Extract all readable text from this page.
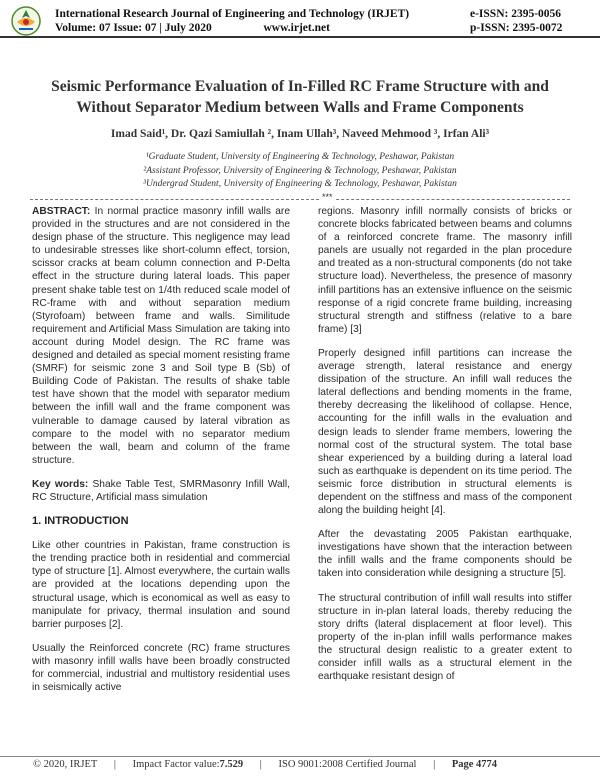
International Research Journal of Engineering and Technology (IRJET)
Volume: 07 Issue: 07 | July 2020	www.irjet.net
e-ISSN: 2395-0056
p-ISSN: 2395-0072
Seismic Performance Evaluation of In-Filled RC Frame Structure with and
Without Separator Medium between Walls and Frame Components
Imad Said¹, Dr. Qazi Samiullah ², Inam Ullah³, Naveed Mehmood ³, Irfan Ali³
¹Graduate Student, University of Engineering & Technology, Peshawar, Pakistan
²Assistant Professor, University of Engineering & Technology, Peshawar, Pakistan
³Undergrad Student, University of Engineering & Technology, Peshawar, Pakistan
***

ABSTRACT: In normal practice masonry infill walls are provided in the structures and are not considered in the design phase of the structure. This negligence may lead to undesirable stresses like short-column effect, torsion, scissor cracks at beam column connection and P-Delta effect in the structure during lateral loads. This paper present shake table test on 1/4th reduced scale model of RC-frame with and without separation medium (Styrofoam) between frame and walls. Similitude requirement and Artificial Mass Simulation are taking into account during Model design. The RC frame was designed and detailed as special moment resisting frame (SMRF) for seismic zone 3 and Soil type B (Sb) of Building Code of Pakistan. The results of shake table test have shown that the model with separator medium between the infill wall and the frame component was vulnerable to damage caused by lateral vibration as compare to the model with no separator medium between the wall, beam and column of the frame structure.

Key words: Shake Table Test, SMRMasonry Infill Wall, RC Structure, Artificial mass simulation

1. INTRODUCTION

Like other countries in Pakistan, frame construction is the trending practice both in residential and commercial type of structure [1]. Almost everywhere, the curtain walls are provided at the locations depending upon the structural usage, which is economical as well as easy to manipulate for privacy, thermal insulation and sound barrier purposes [2].

Usually the Reinforced concrete (RC) frame structures with masonry infill walls have been broadly constructed for commercial, industrial and multistory residential uses in seismically active

regions. Masonry infill normally consists of bricks or concrete blocks fabricated between beams and columns of a reinforced concrete frame. The masonry infill panels are usually not regarded in the plan procedure and treated as a non-structural components (do not take structure load). Nevertheless, the presence of masonry infill partitions has an extensive influence on the seismic response of a rigid concrete frame building, increasing structural strength and stiffness (relative to a bare frame) [3]

Properly designed infill partitions can increase the average strength, lateral resistance and energy dissipation of the structure. An infill wall reduces the lateral deflections and bending moments in the frame, thereby decreasing the likelihood of collapse. Hence, accounting for the infill walls in the evaluation and design leads to slender frame members, lowering the normal cost of the structural system. The total base shear experienced by a building during a lateral load such as earthquake is dependent on its time period. The seismic force distribution in structural elements is dependent on the stiffness and mass of the component along the building height [4].

After the devastating 2005 Pakistan earthquake, investigations have shown that the interaction between the infill walls and the frame components should be taken into consideration while designing a structure [5].

The structural contribution of infill wall results into stiffer structure in in-plan lateral loads, thereby reducing the story drifts (lateral displacement at floor level). This property of the in-plan infill walls performance makes the structural design realistic to a greater extent to consider infill walls as a structural element in the earthquake resistant design of

© 2020, IRJET | Impact Factor value:7.529 | ISO 9001:2008 Certified Journal | Page 4774
